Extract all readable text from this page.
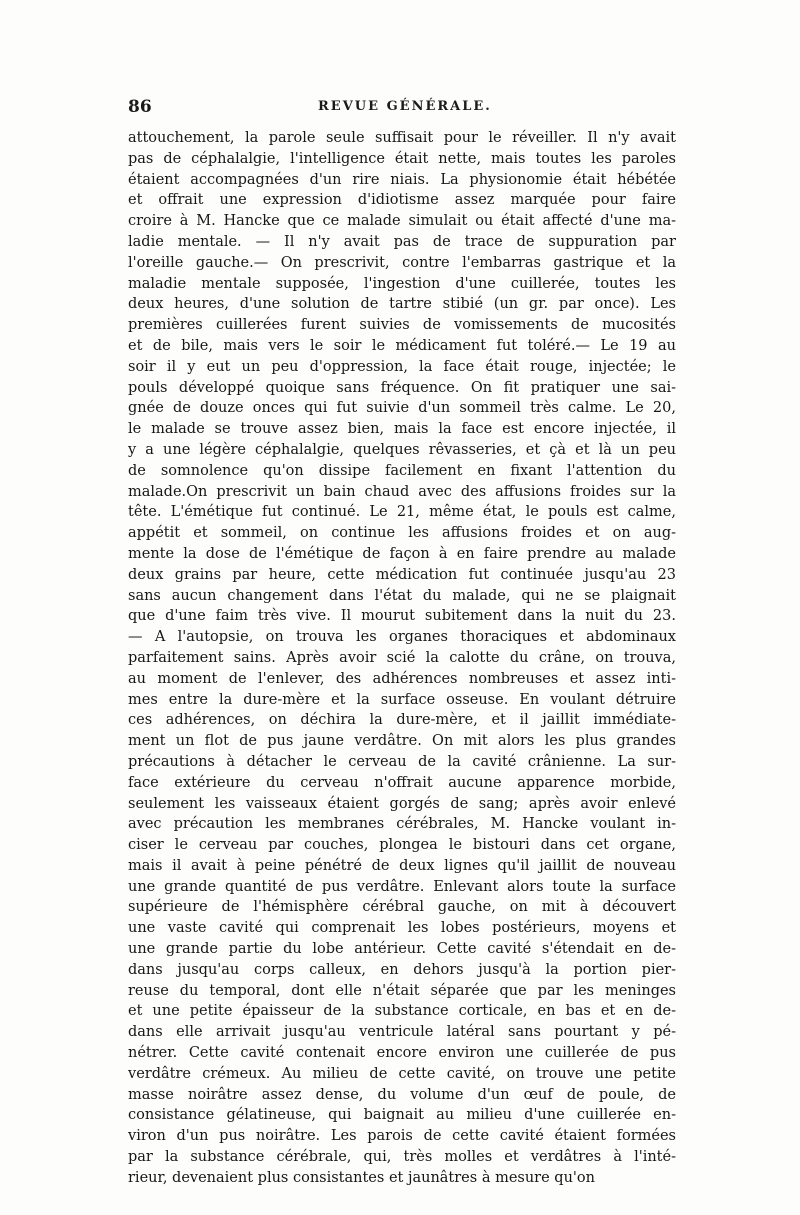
86	REVUE GÉNÉRALE.
attouchement, la parole seule suffisait pour le réveiller. Il n'y avait
pas de céphalalgie, l'intelligence était nette, mais toutes les paroles
étaient accompagnées d'un rire niais. La physionomie était hébétée
et offrait une expression d'idiotisme assez marquée pour faire
croire à M. Hancke que ce malade simulait ou était affecté d'une ma-
ladie mentale. — Il n'y avait pas de trace de suppuration par
l'oreille gauche.— On prescrivit, contre l'embarras gastrique et la
maladie mentale supposée, l'ingestion d'une cuillerée, toutes les
deux heures, d'une solution de tartre stibié (un gr. par once). Les
premières cuillerées furent suivies de vomissements de mucosités
et de bile, mais vers le soir le médicament fut toléré.— Le 19 au
soir il y eut un peu d'oppression, la face était rouge, injectée; le
pouls développé quoique sans fréquence. On fit pratiquer une sai-
gnée de douze onces qui fut suivie d'un sommeil très calme. Le 20,
le malade se trouve assez bien, mais la face est encore injectée, il
y a une légère céphalalgie, quelques rêvasseries, et çà et là un peu
de somnolence qu'on dissipe facilement en fixant l'attention du
malade.On prescrivit un bain chaud avec des affusions froides sur la
tête. L'émétique fut continué. Le 21, même état, le pouls est calme,
appétit et sommeil, on continue les affusions froides et on aug-
mente la dose de l'émétique de façon à en faire prendre au malade
deux grains par heure, cette médication fut continuée jusqu'au 23
sans aucun changement dans l'état du malade, qui ne se plaignait
que d'une faim très vive. Il mourut subitement dans la nuit du 23.
— A l'autopsie, on trouva les organes thoraciques et abdominaux
parfaitement sains. Après avoir scié la calotte du crâne, on trouva,
au moment de l'enlever, des adhérences nombreuses et assez inti-
mes entre la dure-mère et la surface osseuse. En voulant détruire
ces adhérences, on déchira la dure-mère, et il jaillit immédiate-
ment un flot de pus jaune verdâtre. On mit alors les plus grandes
précautions à détacher le cerveau de la cavité crânienne. La sur-
face extérieure du cerveau n'offrait aucune apparence morbide,
seulement les vaisseaux étaient gorgés de sang; après avoir enlevé
avec précaution les membranes cérébrales, M. Hancke voulant in-
ciser le cerveau par couches, plongea le bistouri dans cet organe,
mais il avait à peine pénétré de deux lignes qu'il jaillit de nouveau
une grande quantité de pus verdâtre. Enlevant alors toute la surface
supérieure de l'hémisphère cérébral gauche, on mit à découvert
une vaste cavité qui comprenait les lobes postérieurs, moyens et
une grande partie du lobe antérieur. Cette cavité s'étendait en de-
dans jusqu'au corps calleux, en dehors jusqu'à la portion pier-
reuse du temporal, dont elle n'était séparée que par les meninges
et une petite épaisseur de la substance corticale, en bas et en de-
dans elle arrivait jusqu'au ventricule latéral sans pourtant y pé-
nétrer. Cette cavité contenait encore environ une cuillerée de pus
verdâtre crémeux. Au milieu de cette cavité, on trouve une petite
masse noirâtre assez dense, du volume d'un œuf de poule, de
consistance gélatineuse, qui baignait au milieu d'une cuillerée en-
viron d'un pus noirâtre. Les parois de cette cavité étaient formées
par la substance cérébrale, qui, très molles et verdâtres à l'inté-
rieur, devenaient plus consistantes et jaunâtres à mesure qu'on
